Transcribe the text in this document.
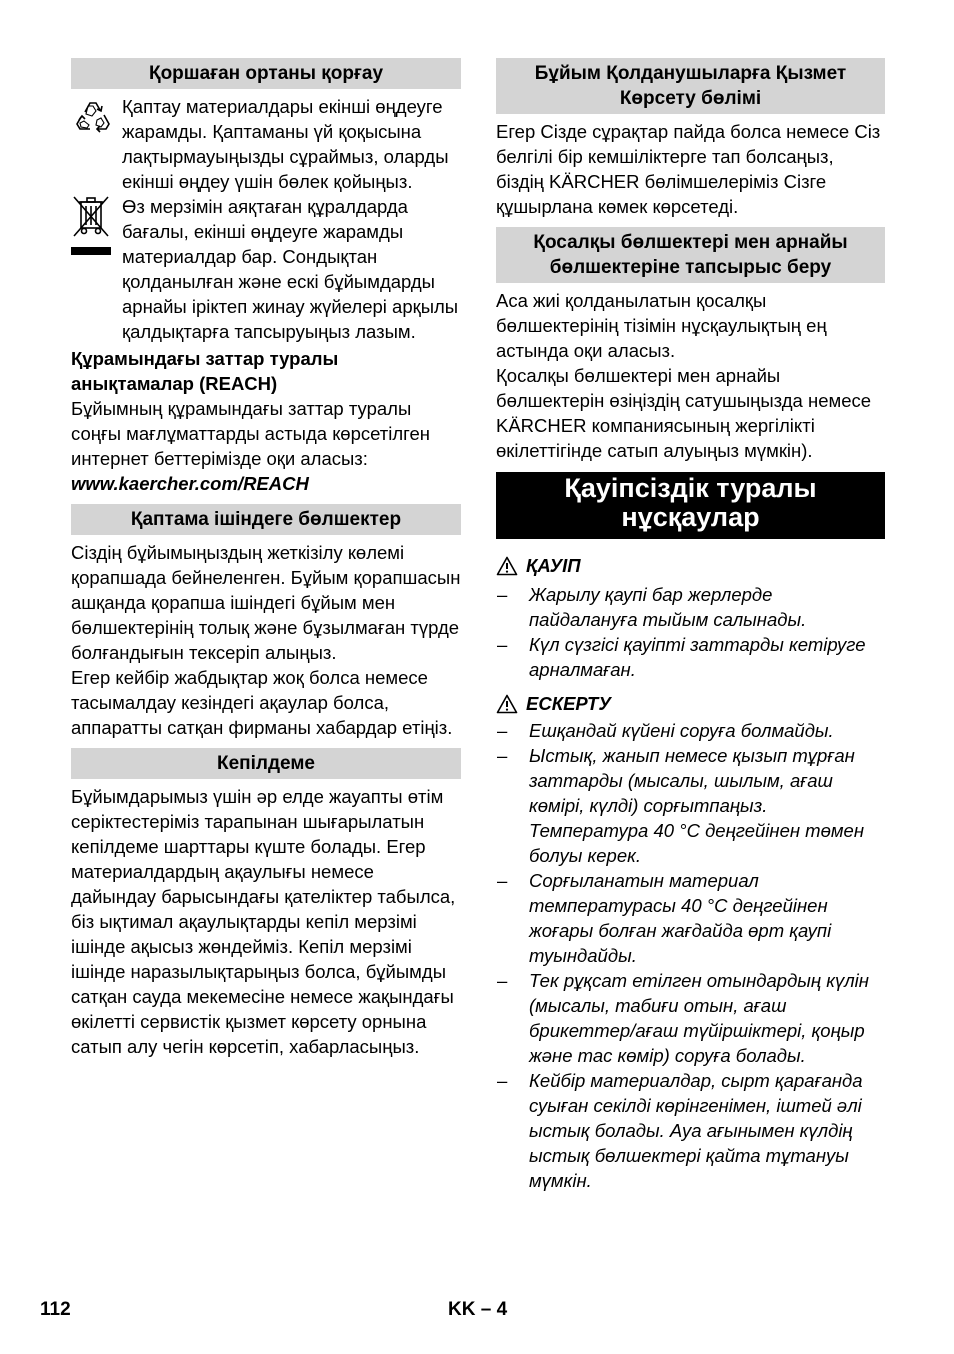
Қоршаған ортаны қорғау

Қаптау материалдары екінші өңдеуге жарамды. Қаптаманы үй қоқысына лақтырмауыңызды сұраймыз, оларды екінші өңдеу үшін бөлек қойыңыз.

Өз мерзімін аяқтаған құралдарда бағалы, екінші өңдеуге жарамды материалдар бар. Сондықтан қолданылған және ескі бұйымдарды арнайы іріктеп жинау жүйелері арқылы қалдықтарға тапсыруыңыз лазым.

Құрамындағы заттар туралы анықтамалар (REACH)

Бұйымның құрамындағы заттар туралы соңғы мағлұматтарды астыда көрсетілген интернет беттерімізде оқи аласыз:

www.kaercher.com/REACH

Қаптама ішіндеге бөлшектер

Сіздің бұйымыңыздың жеткізілу көлемі қорапшада бейнеленген. Бұйым қорапшасын ашқанда қорапша ішіндегі бұйым мен бөлшектерінің толық және бұзылмаған түрде болғандығын тексеріп алыңыз.

Егер кейбір жабдықтар жоқ болса немесе тасымалдау кезіндегі ақаулар болса, аппаратты сатқан фирманы хабардар етіңіз.

Кепілдеме

Бұйымдарымыз үшін әр елде жауапты өтім серіктестеріміз тарапынан шығарылатын кепілдеме шарттары күште болады. Егер материалдардың ақаулығы немесе дайындау барысындағы қателіктер табылса, біз ықтимал ақаулықтарды кепіл мерзімі ішінде ақысыз жөндейміз. Кепіл мерзімі ішінде наразылықтарыңыз болса, бұйымды сатқан сауда мекемесіне немесе жақындағы өкілетті сервистік қызмет көрсету орнына сатып алу чегін көрсетіп, хабарласыңыз.

Бұйым Қолданушыларға Қызмет Көрсету бөлімі

Егер Сізде сұрақтар пайда болса немесе Сіз белгілі бір кемшіліктерге тап болсаңыз, біздің KÄRCHER бөлімшелеріміз Сізге құшырлана көмек көрсетеді.

Қосалқы бөлшектері мен арнайы бөлшектеріне тапсырыс беру

Аса жиі қолданылатын қосалқы бөлшектерінің тізімін нұсқаулықтың ең астында оқи аласыз.

Қосалқы бөлшектері мен арнайы бөлшектерін өзіңіздің сатушыңызда немесе KÄRCHER компаниясының жергілікті өкілеттігінде сатып алуыңыз мүмкін).

Қауіпсіздік туралы нұсқаулар
ҚАУІП
– Жарылу қаупі бар жерлерде пайдалануға тыйым салынады.
– Күл сүзгісі қауіпті заттарды кетіруге арналмаған.
ЕСКЕРТУ
– Ешқандай күйені соруға болмайды.
– Ыстық, жанып немесе қызып тұрған заттарды (мысалы, шылым, ағаш көмірі, күлді) сорғытпаңыз. Температура 40 °C деңгейінен төмен болуы керек.
– Сорғыланатын материал температурасы 40 °C деңгейінен жоғары болған жағдайда өрт қаупі туындайды.
– Тек рұқсат етілген отындардың күлін (мысалы, табиғи отын, ағаш брикеттер/ағаш түйіршіктері, қоңыр және тас көмір) соруға болады.
– Кейбір материалдар, сырт қарағанда суыған секілді көрінгенімен, іштей әлі ыстық болады. Ауа ағынымен күлдің ыстық бөлшектері қайта тұтануы мүмкін.
112	KK – 4
